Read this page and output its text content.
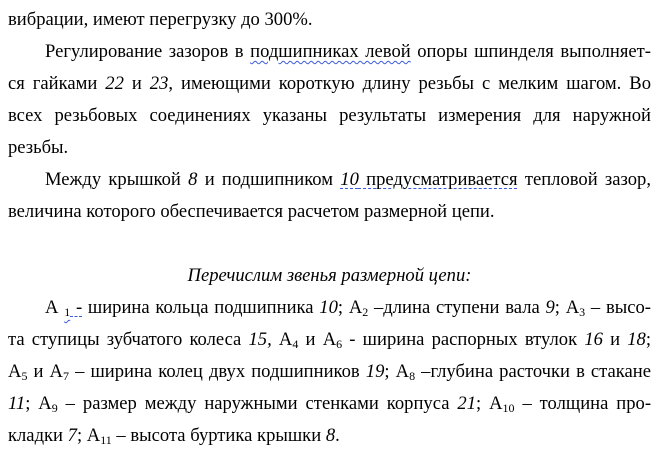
вибрации, имеют перегрузку до 300%.
Регулирование зазоров в подшипниках левой опоры шпинделя выполняет-
ся гайками 22 и 23, имеющими короткую длину резьбы с мелким шагом. Во
всех резьбовых соединениях указаны результаты измерения для наружной
резьбы.
Между крышкой 8 и подшипником 10 предусматривается тепловой зазор,
величина которого обеспечивается расчетом размерной цепи.
Перечислим звенья размерной цепи:
А $_1$ - ширина кольца подшипника 10; $А_2$ –длина ступени вала 9; $А_3$ – высо-
та ступицы зубчатого колеса 15, $А_4$ и $А_6$ - ширина распорных втулок 16 и 18;
$А_5$ и $А_7$ – ширина колец двух подшипников 19; $А_8$ –глубина расточки в стакане
11; $А_9$ – размер между наружными стенками корпуса 21; $А_{10}$ – толщина про-
кладки 7; $А_{11}$ – высота буртика крышки 8.
